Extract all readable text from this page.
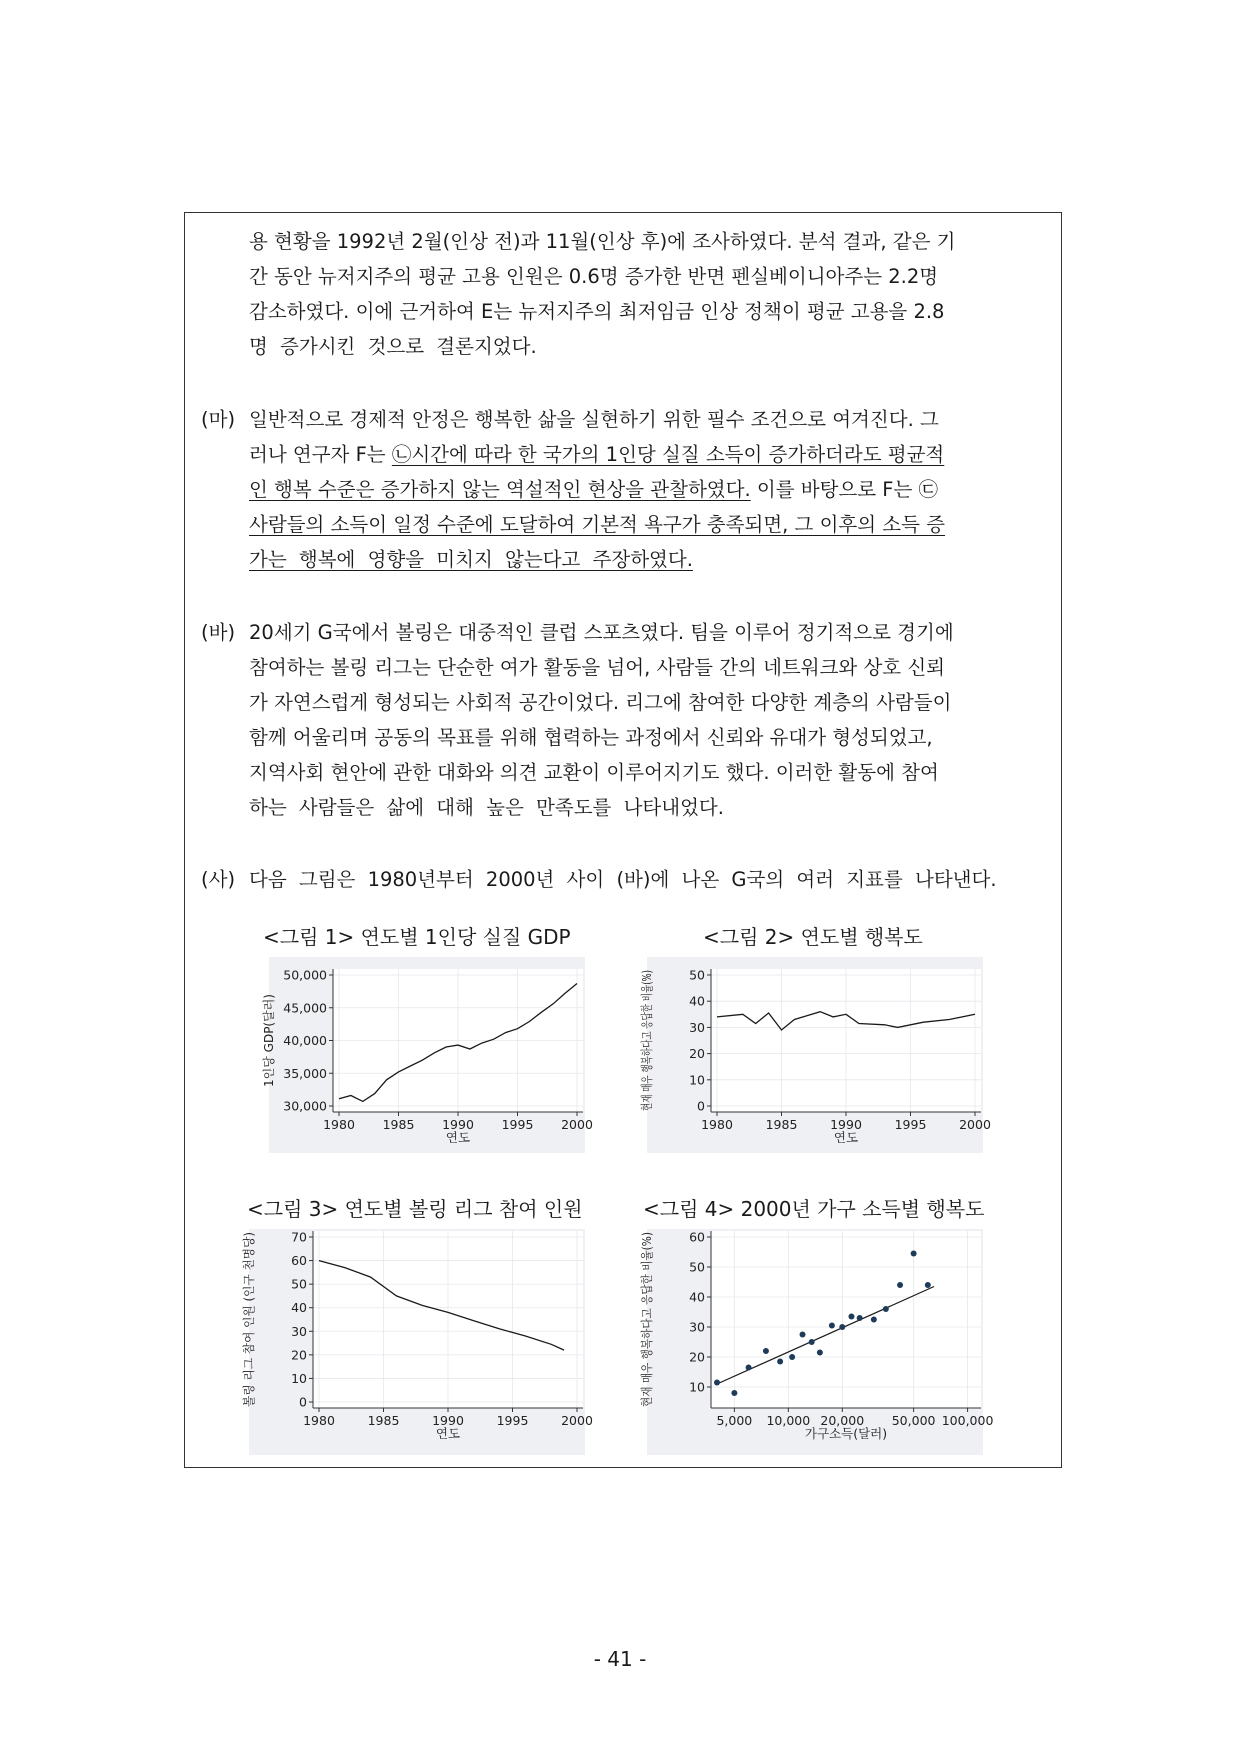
용 현황을 1992년 2월(인상 전)과 11월(인상 후)에 조사하였다. 분석 결과, 같은 기
간 동안 뉴저지주의 평균 고용 인원은 0.6명 증가한 반면 펜실베이니아주는 2.2명
감소하였다. 이에 근거하여 E는 뉴저지주의 최저임금 인상 정책이 평균 고용을 2.8
명 증가시킨 것으로 결론지었다.
(마) 일반적으로 경제적 안정은 행복한 삶을 실현하기 위한 필수 조건으로 여겨진다. 그
러나 연구자 F는 ㉡시간에 따라 한 국가의 1인당 실질 소득이 증가하더라도 평균적
인 행복 수준은 증가하지 않는 역설적인 현상을 관찰하였다. 이를 바탕으로 F는 ㉢
사람들의 소득이 일정 수준에 도달하여 기본적 욕구가 충족되면, 그 이후의 소득 증
가는 행복에 영향을 미치지 않는다고 주장하였다.
(바) 20세기 G국에서 볼링은 대중적인 클럽 스포츠였다. 팀을 이루어 정기적으로 경기에
참여하는 볼링 리그는 단순한 여가 활동을 넘어, 사람들 간의 네트워크와 상호 신뢰
가 자연스럽게 형성되는 사회적 공간이었다. 리그에 참여한 다양한 계층의 사람들이
함께 어울리며 공동의 목표를 위해 협력하는 과정에서 신뢰와 유대가 형성되었고,
지역사회 현안에 관한 대화와 의견 교환이 이루어지기도 했다. 이러한 활동에 참여
하는 사람들은 삶에 대해 높은 만족도를 나타내었다.
(사) 다음 그림은 1980년부터 2000년 사이 (바)에 나온 G국의 여러 지표를 나타낸다.
<그림 1> 연도별 1인당 실질 GDP	<그림 2> 연도별 행복도
<그림 3> 연도별 볼링 리그 참여 인원	<그림 4> 2000년 가구 소득별 행복도
30,000
35,000
40,000
45,000
50,000
1980 1985 1990 1995 2000
연도
1인당 GDP(달러)
0
10
20
30
40
50
1980	1985	1990	1995	2000
연도
현재 매우 행복하다고 응답한 비율(%)
0
10
20
30
40
50
60
70
1980	1985	1990	1995	2000
연도
볼링 리그 참여 인원 (인구 천명당)	10
20
30
40
50
60
5,000 10,000 20,000 50,000 100,000
가구소득(달러)
현재 매우 행복하다고 응답한 비율(%)
- 41 -
